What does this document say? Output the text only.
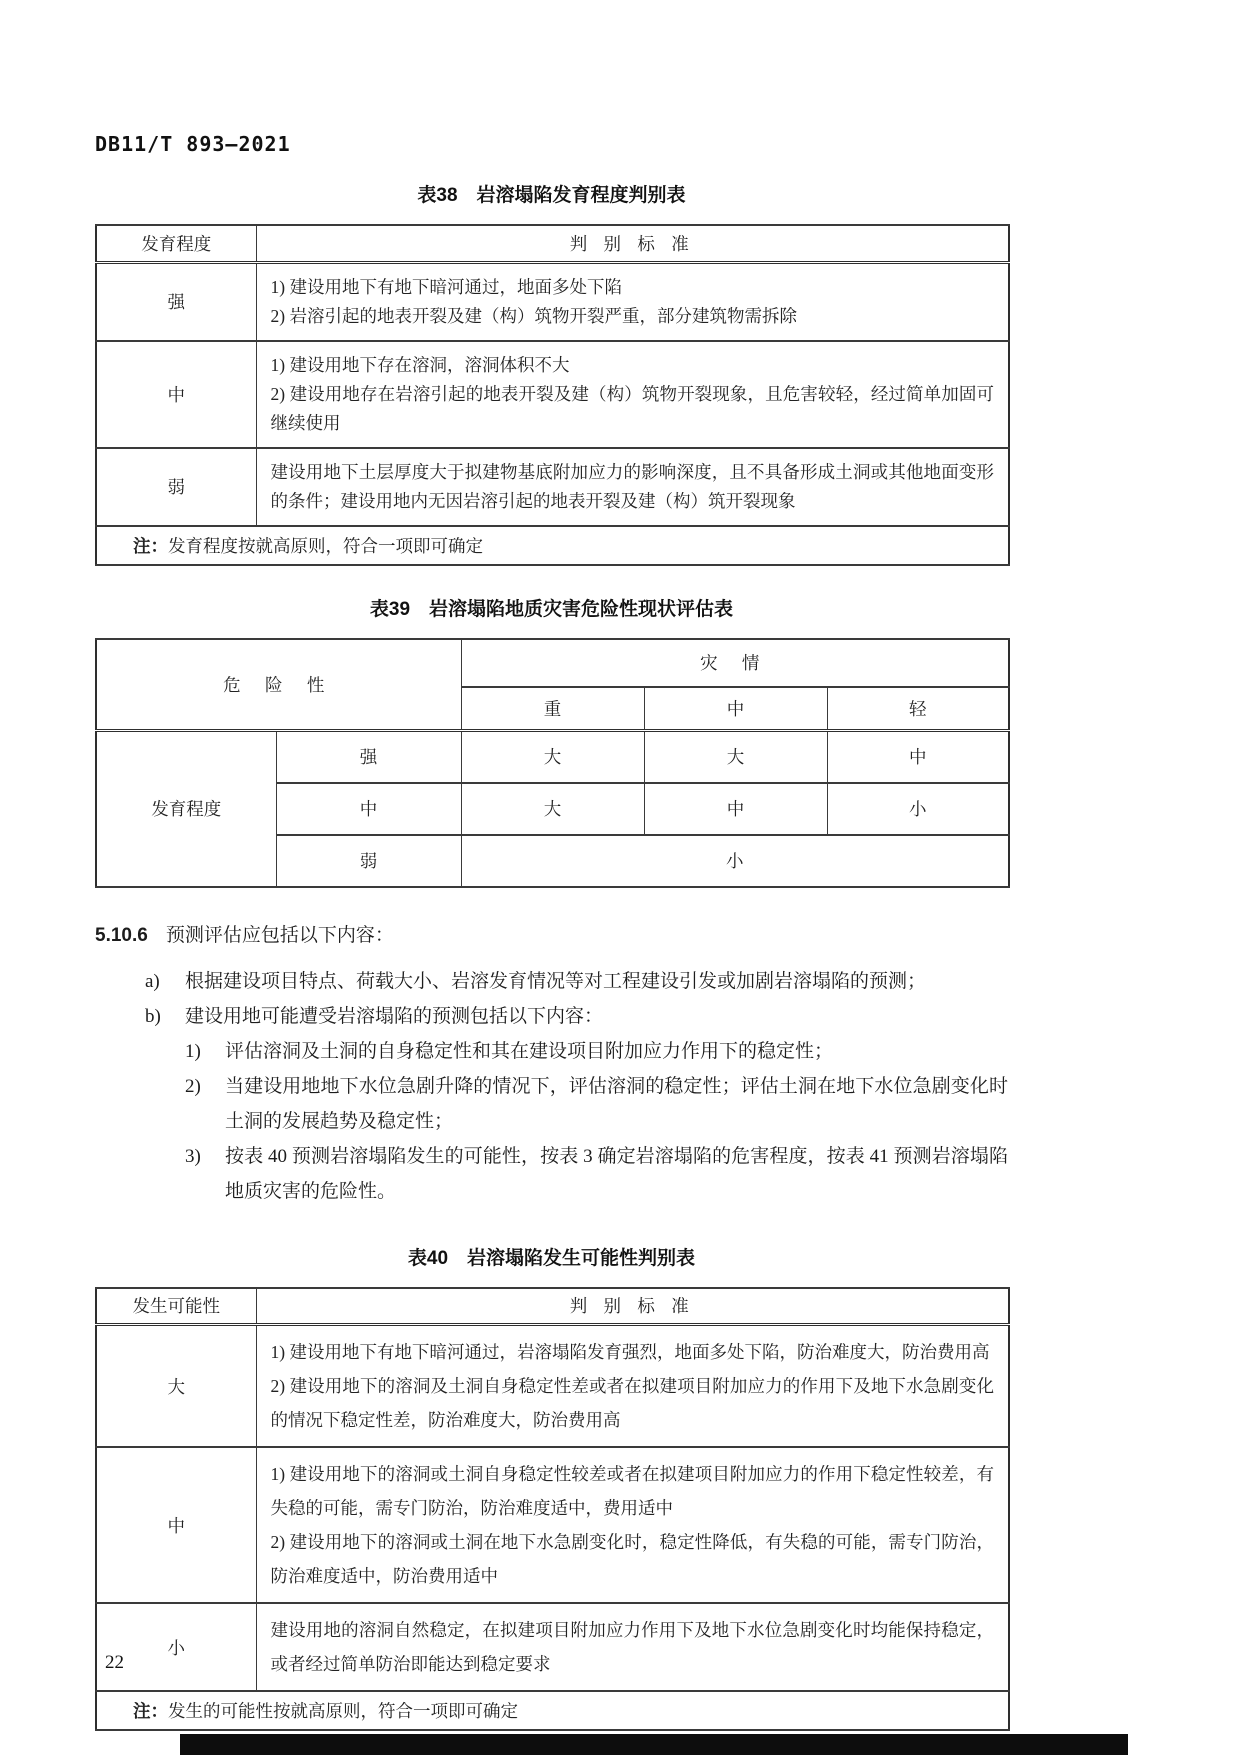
DB11/T 893—2021
表38　岩溶塌陷发育程度判别表
发育程度	判 别 标 准
强	1) 建设用地下有地下暗河通过，地面多处下陷
2) 岩溶引起的地表开裂及建（构）筑物开裂严重，部分建筑物需拆除

中	1) 建设用地下存在溶洞，溶洞体积不大
2) 建设用地存在岩溶引起的地表开裂及建（构）筑物开裂现象，且危害较轻，经过简单加固可继续使用

弱	建设用地下土层厚度大于拟建物基底附加应力的影响深度，且不具备形成土洞或其他地面变形的条件；建设用地内无因岩溶引起的地表开裂及建（构）筑开裂现象

注：发育程度按就高原则，符合一项即可确定	
表39　岩溶塌陷地质灾害危险性现状评估表
危 险 性		灾 情		
		重	中	轻
发育程度	强	大	大	中
	中	大	中	小
	弱	小		
5.10.6 预测评估应包括以下内容：
a)	根据建设项目特点、荷载大小、岩溶发育情况等对工程建设引发或加剧岩溶塌陷的预测；
b)	建设用地可能遭受岩溶塌陷的预测包括以下内容：
1)	评估溶洞及土洞的自身稳定性和其在建设项目附加应力作用下的稳定性；
2)	当建设用地地下水位急剧升降的情况下，评估溶洞的稳定性；评估土洞在地下水位急剧变化时土洞的发展趋势及稳定性；
3)	按表 40 预测岩溶塌陷发生的可能性，按表 3 确定岩溶塌陷的危害程度，按表 41 预测岩溶塌陷地质灾害的危险性。
表40　岩溶塌陷发生可能性判别表
发生可能性	判 别 标 准
大	1) 建设用地下有地下暗河通过，岩溶塌陷发育强烈，地面多处下陷，防治难度大，防治费用高
2) 建设用地下的溶洞及土洞自身稳定性差或者在拟建项目附加应力的作用下及地下水急剧变化的情况下稳定性差，防治难度大，防治费用高

中	1) 建设用地下的溶洞或土洞自身稳定性较差或者在拟建项目附加应力的作用下稳定性较差，有失稳的可能，需专门防治，防治难度适中，费用适中
2) 建设用地下的溶洞或土洞在地下水急剧变化时，稳定性降低，有失稳的可能，需专门防治，防治难度适中，防治费用适中

小	建设用地的溶洞自然稳定，在拟建项目附加应力作用下及地下水位急剧变化时均能保持稳定，或者经过简单防治即能达到稳定要求

注：发生的可能性按就高原则，符合一项即可确定	
22
